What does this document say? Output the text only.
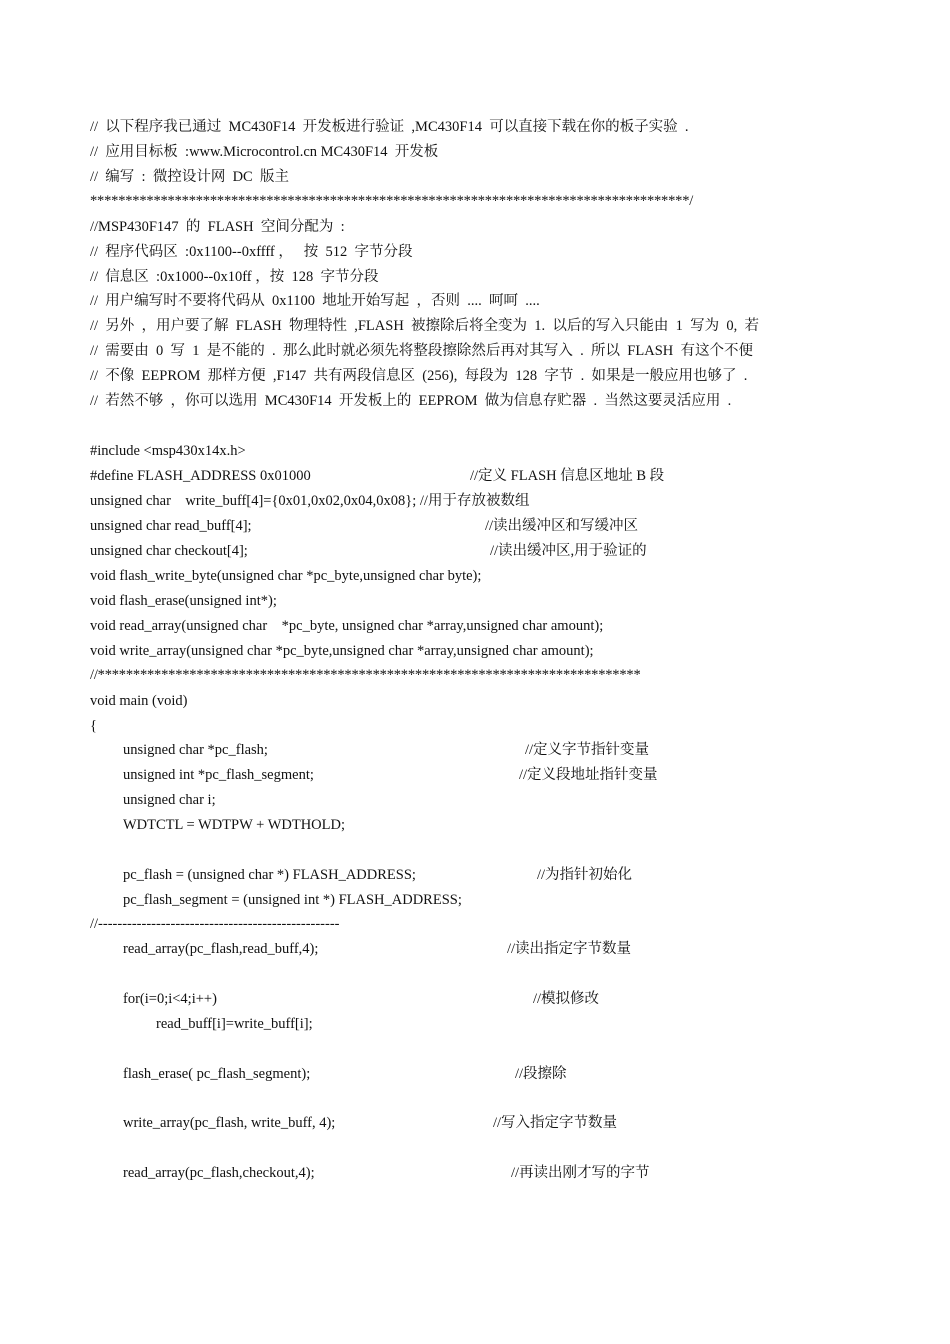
//  以下程序我已通过  MC430F14  开发板进行验证  ,MC430F14  可以直接下载在你的板子实验  .
//  应用目标板  :www.Microcontrol.cn MC430F14  开发板
//  编写  :  微控设计网  DC  版主
*************************************************************************************/
//MSP430F147  的  FLASH  空间分配为  :
//  程序代码区  :0x1100--0xffff ，   按  512  字节分段
//  信息区  :0x1000--0x10ff ，按  128  字节分段
//  用户编写时不要将代码从  0x1100  地址开始写起  ，否则  ....  呵呵  ....
//  另外  ，用户要了解  FLASH  物理特性  ,FLASH  被擦除后将全变为  1.  以后的写入只能由  1  写为  0,  若
//  需要由  0  写  1  是不能的  .  那么此时就必须先将整段擦除然后再对其写入  .  所以  FLASH  有这个不便
//  不像  EEPROM  那样方便  ,F147  共有两段信息区  (256),  每段为  128  字节  .  如果是一般应用也够了  .
//  若然不够  ，你可以选用  MC430F14  开发板上的  EEPROM  做为信息存贮器  .  当然这要灵活应用  .
#include <msp430x14x.h>
#define FLASH_ADDRESS 0x01000	//定义 FLASH 信息区地址 B 段
unsigned char    write_buff[4]={0x01,0x02,0x04,0x08}; //用于存放被数组
unsigned char read_buff[4];	//读出缓冲区和写缓冲区
unsigned char checkout[4];	//读出缓冲区,用于验证的
void flash_write_byte(unsigned char *pc_byte,unsigned char byte);
void flash_erase(unsigned int*);
void read_array(unsigned char    *pc_byte, unsigned char *array,unsigned char amount);
void write_array(unsigned char *pc_byte,unsigned char *array,unsigned char amount);
//*****************************************************************************
void main (void)
{
unsigned char *pc_flash;	//定义字节指针变量
unsigned int *pc_flash_segment;	//定义段地址指针变量
unsigned char i;
WDTCTL = WDTPW + WDTHOLD;
pc_flash = (unsigned char *) FLASH_ADDRESS;	//为指针初始化
pc_flash_segment = (unsigned int *) FLASH_ADDRESS;
//--------------------------------------------------
read_array(pc_flash,read_buff,4);	//读出指定字节数量
for(i=0;i<4;i++)	//模拟修改
read_buff[i]=write_buff[i];
flash_erase( pc_flash_segment);	//段擦除
write_array(pc_flash, write_buff, 4);	//写入指定字节数量
read_array(pc_flash,checkout,4);	//再读出刚才写的字节
